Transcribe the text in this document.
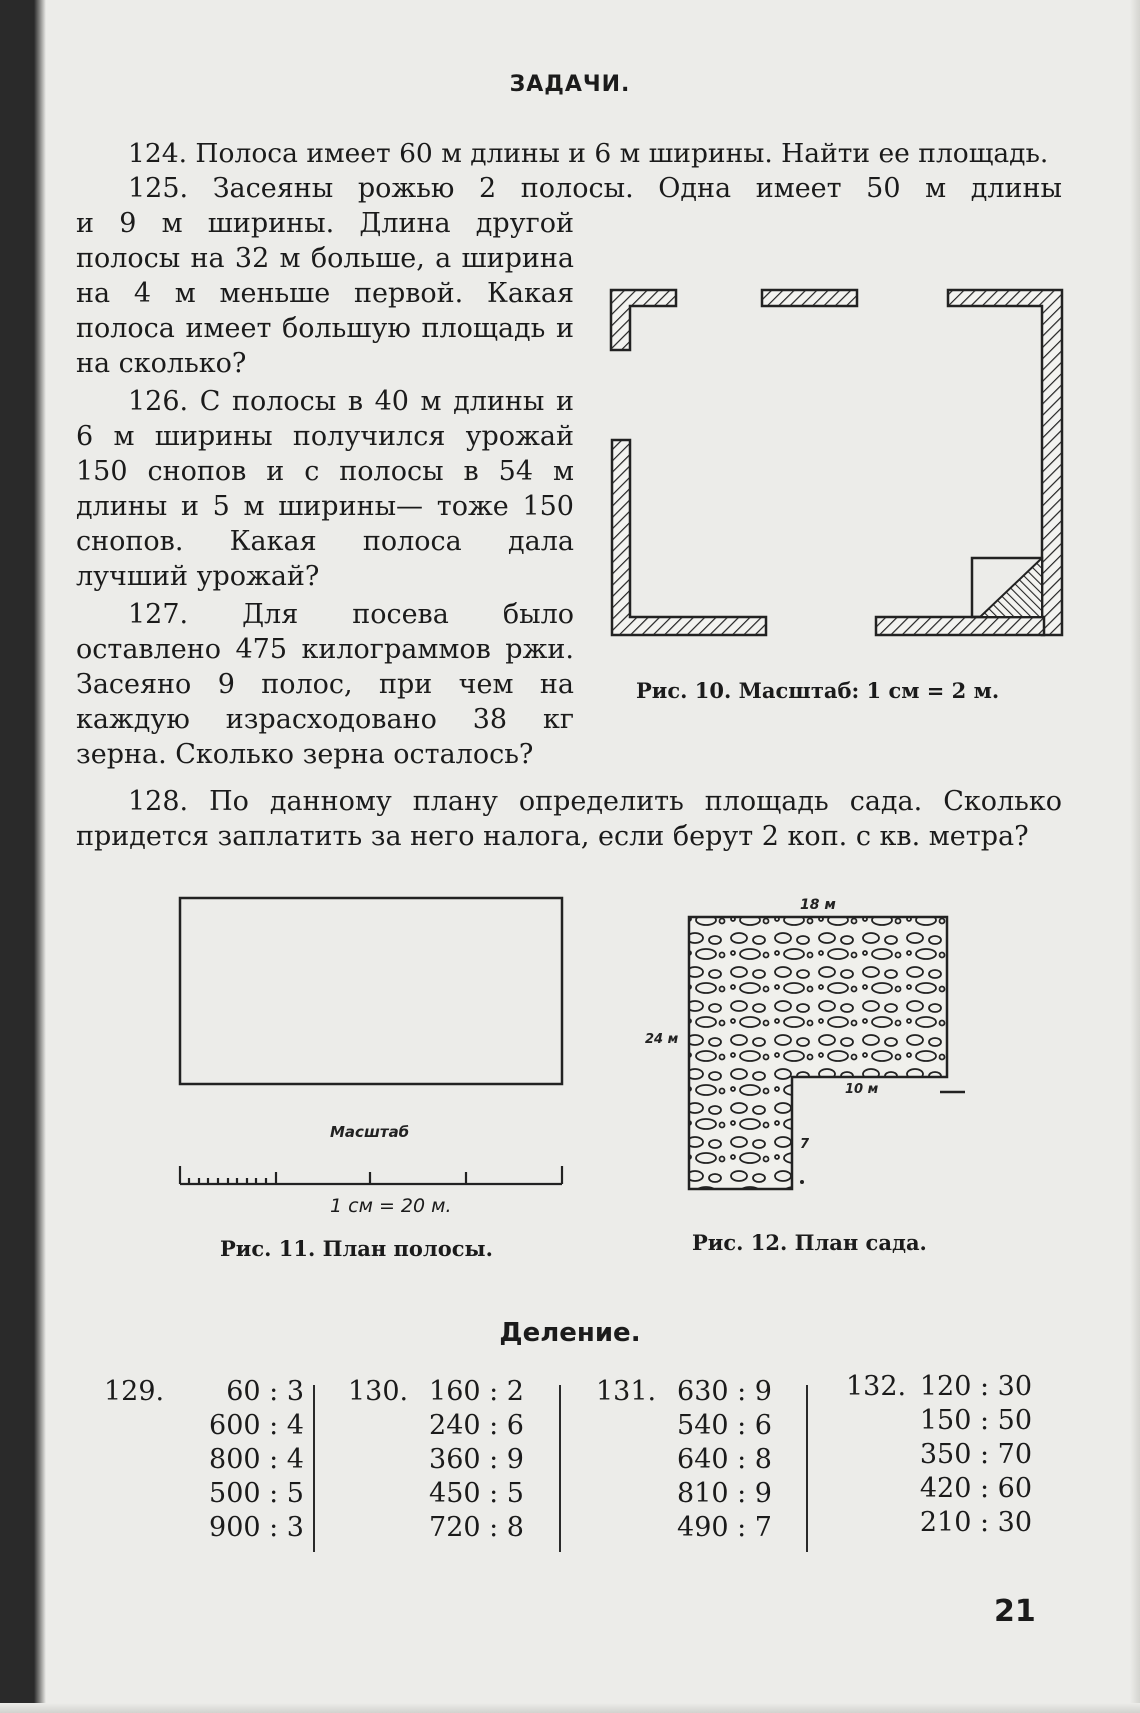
ЗАДАЧИ.

124. Полоса имеет 60 м длины и 6 м ширины. Найти ее площадь.

125. Засеяны рожью 2 полосы. Одна имеет 50 м длины

и 9 м ширины. Длина другой полосы на 32 м больше, а ширина на 4 м меньше первой. Какая полоса имеет большую площадь и на сколько?

126. С полосы в 40 м длины и 6 м ширины получился урожай 150 снопов и с полосы в 54 м длины и 5 м ширины— тоже 150 снопов. Какая полоса дала лучший урожай?

127. Для посева было оставлено 475 килограммов ржи. Засеяно 9 полос, при чем на каждую израсходовано 38 кг зерна. Сколько зерна осталось?

Рис. 10. Масштаб: 1 см = 2 м.

128. По данному плану определить площадь сада. Сколько

придется заплатить за него налога, если берут 2 коп. с кв. метра?

Масштаб
1 см = 20 м.
Рис. 11. План полосы.
18 м
24 м
10 м
7
Рис. 12. План сада.
Деление.
129. 60 : 3
600 : 4
800 : 4
500 : 5
900 : 3
130. 160 : 2
240 : 6
360 : 9
450 : 5
720 : 8
131. 630 : 9
540 : 6
640 : 8
810 : 9
490 : 7
132. 120 : 30
150 : 50
350 : 70
420 : 60
210 : 30
21
